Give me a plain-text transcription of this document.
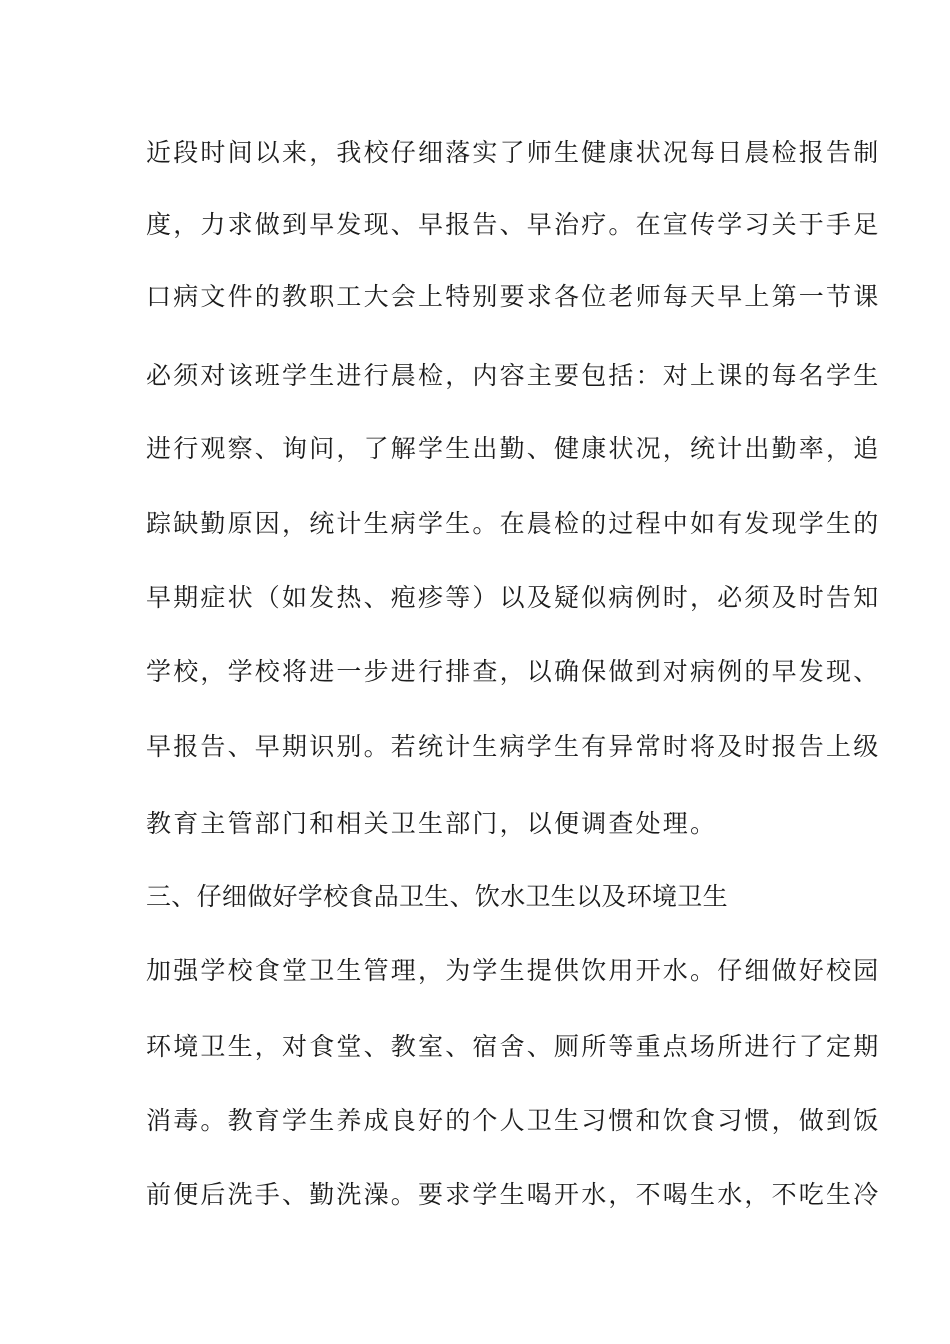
近段时间以来，我校仔细落实了师生健康状况每日晨检报告制
度，力求做到早发现、早报告、早治疗。在宣传学习关于手足
口病文件的教职工大会上特别要求各位老师每天早上第一节课
必须对该班学生进行晨检，内容主要包括：对上课的每名学生
进行观察、询问，了解学生出勤、健康状况，统计出勤率，追
踪缺勤原因，统计生病学生。在晨检的过程中如有发现学生的
早期症状（如发热、疱疹等）以及疑似病例时，必须及时告知
学校，学校将进一步进行排查，以确保做到对病例的早发现、
早报告、早期识别。若统计生病学生有异常时将及时报告上级
教育主管部门和相关卫生部门，以便调查处理。
三、仔细做好学校食品卫生、饮水卫生以及环境卫生
加强学校食堂卫生管理，为学生提供饮用开水。仔细做好校园
环境卫生，对食堂、教室、宿舍、厕所等重点场所进行了定期
消毒。教育学生养成良好的个人卫生习惯和饮食习惯，做到饭
前便后洗手、勤洗澡。要求学生喝开水，不喝生水，不吃生冷
